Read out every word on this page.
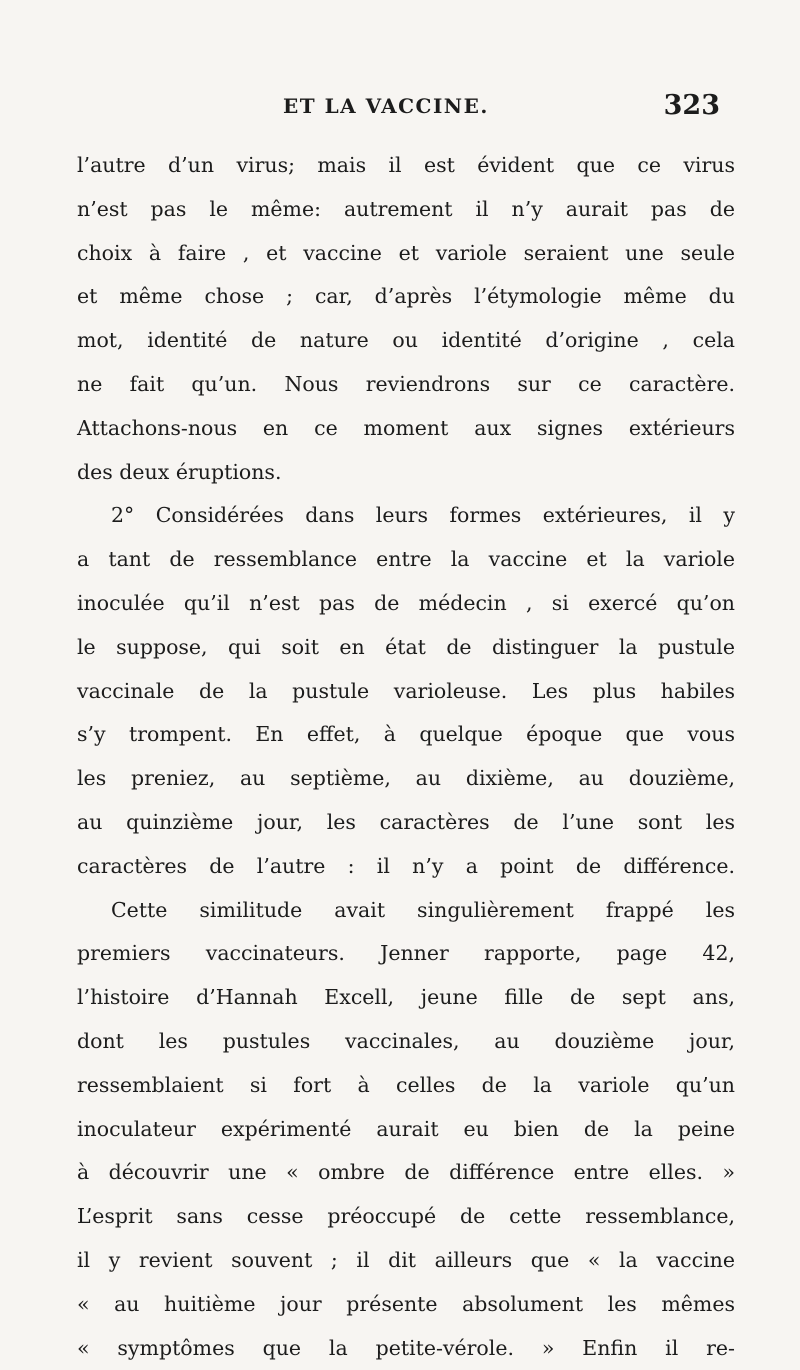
ET LA VACCINE.	323
l’autre d’un virus; mais il est évident que ce virus
n’est pas le même: autrement il n’y aurait pas de
choix à faire , et vaccine et variole seraient une seule
et même chose ; car, d’après l’étymologie même du
mot, identité de nature ou identité d’origine , cela
ne fait qu’un. Nous reviendrons sur ce caractère.
Attachons-nous en ce moment aux signes extérieurs
des deux éruptions.
2° Considérées dans leurs formes extérieures, il y
a tant de ressemblance entre la vaccine et la variole
inoculée qu’il n’est pas de médecin , si exercé qu’on
le suppose, qui soit en état de distinguer la pustule
vaccinale de la pustule varioleuse. Les plus habiles
s’y trompent. En effet, à quelque époque que vous
les preniez, au septième, au dixième, au douzième,
au quinzième jour, les caractères de l’une sont les
caractères de l’autre : il n’y a point de différence.
Cette similitude avait singulièrement frappé les
premiers vaccinateurs. Jenner rapporte, page 42,
l’histoire d’Hannah Excell, jeune fille de sept ans,
dont les pustules vaccinales, au douzième jour,
ressemblaient si fort à celles de la variole qu’un
inoculateur expérimenté aurait eu bien de la peine
à découvrir une « ombre de différence entre elles. »
L’esprit sans cesse préoccupé de cette ressemblance,
il y revient souvent ; il dit ailleurs que « la vaccine
« au huitième jour présente absolument les mêmes
« symptômes que la petite-vérole. » Enfin il re-
